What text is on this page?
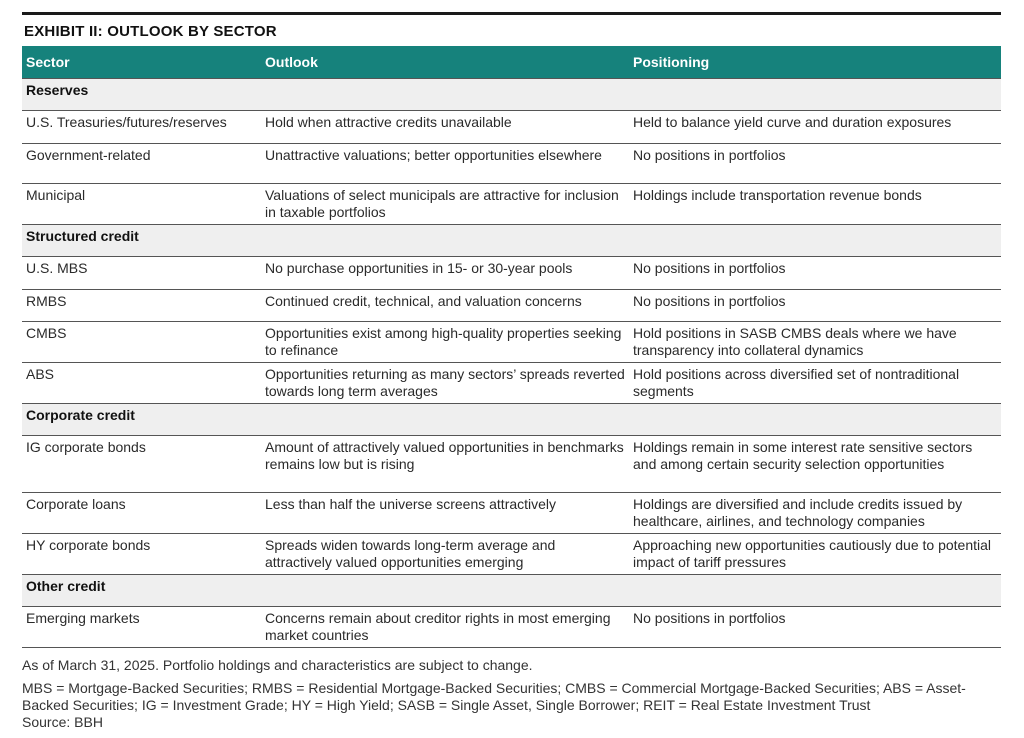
EXHIBIT II: OUTLOOK BY SECTOR
Sector	Outlook	Positioning
Reserves		
U.S. Treasuries/futures/reserves	Hold when attractive credits unavailable	Held to balance yield curve and duration exposures
Government-related	Unattractive valuations; better opportunities elsewhere	No positions in portfolios
Municipal	Valuations of select municipals are attractive for inclusion in taxable portfolios	Holdings include transportation revenue bonds
Structured credit		
U.S. MBS	No purchase opportunities in 15- or 30-year pools	No positions in portfolios
RMBS	Continued credit, technical, and valuation concerns	No positions in portfolios
CMBS	Opportunities exist among high-quality properties seeking to refinance	Hold positions in SASB CMBS deals where we have transparency into collateral dynamics
ABS	Opportunities returning as many sectors’ spreads reverted towards long term averages	Hold positions across diversified set of nontraditional segments
Corporate credit		
IG corporate bonds	Amount of attractively valued opportunities in benchmarks remains low but is rising	Holdings remain in some interest rate sensitive sectors and among certain security selection opportunities
Corporate loans	Less than half the universe screens attractively	Holdings are diversified and include credits issued by healthcare, airlines, and technology companies
HY corporate bonds	Spreads widen towards long-term average and attractively valued opportunities emerging	Approaching new opportunities cautiously due to potential impact of tariff pressures
Other credit		
Emerging markets	Concerns remain about creditor rights in most emerging market countries	No positions in portfolios
As of March 31, 2025. Portfolio holdings and characteristics are subject to change.
MBS = Mortgage-Backed Securities; RMBS = Residential Mortgage-Backed Securities; CMBS = Commercial Mortgage-Backed Securities; ABS = Asset-Backed Securities; IG = Investment Grade; HY = High Yield; SASB = Single Asset, Single Borrower; REIT = Real Estate Investment Trust
Source: BBH
